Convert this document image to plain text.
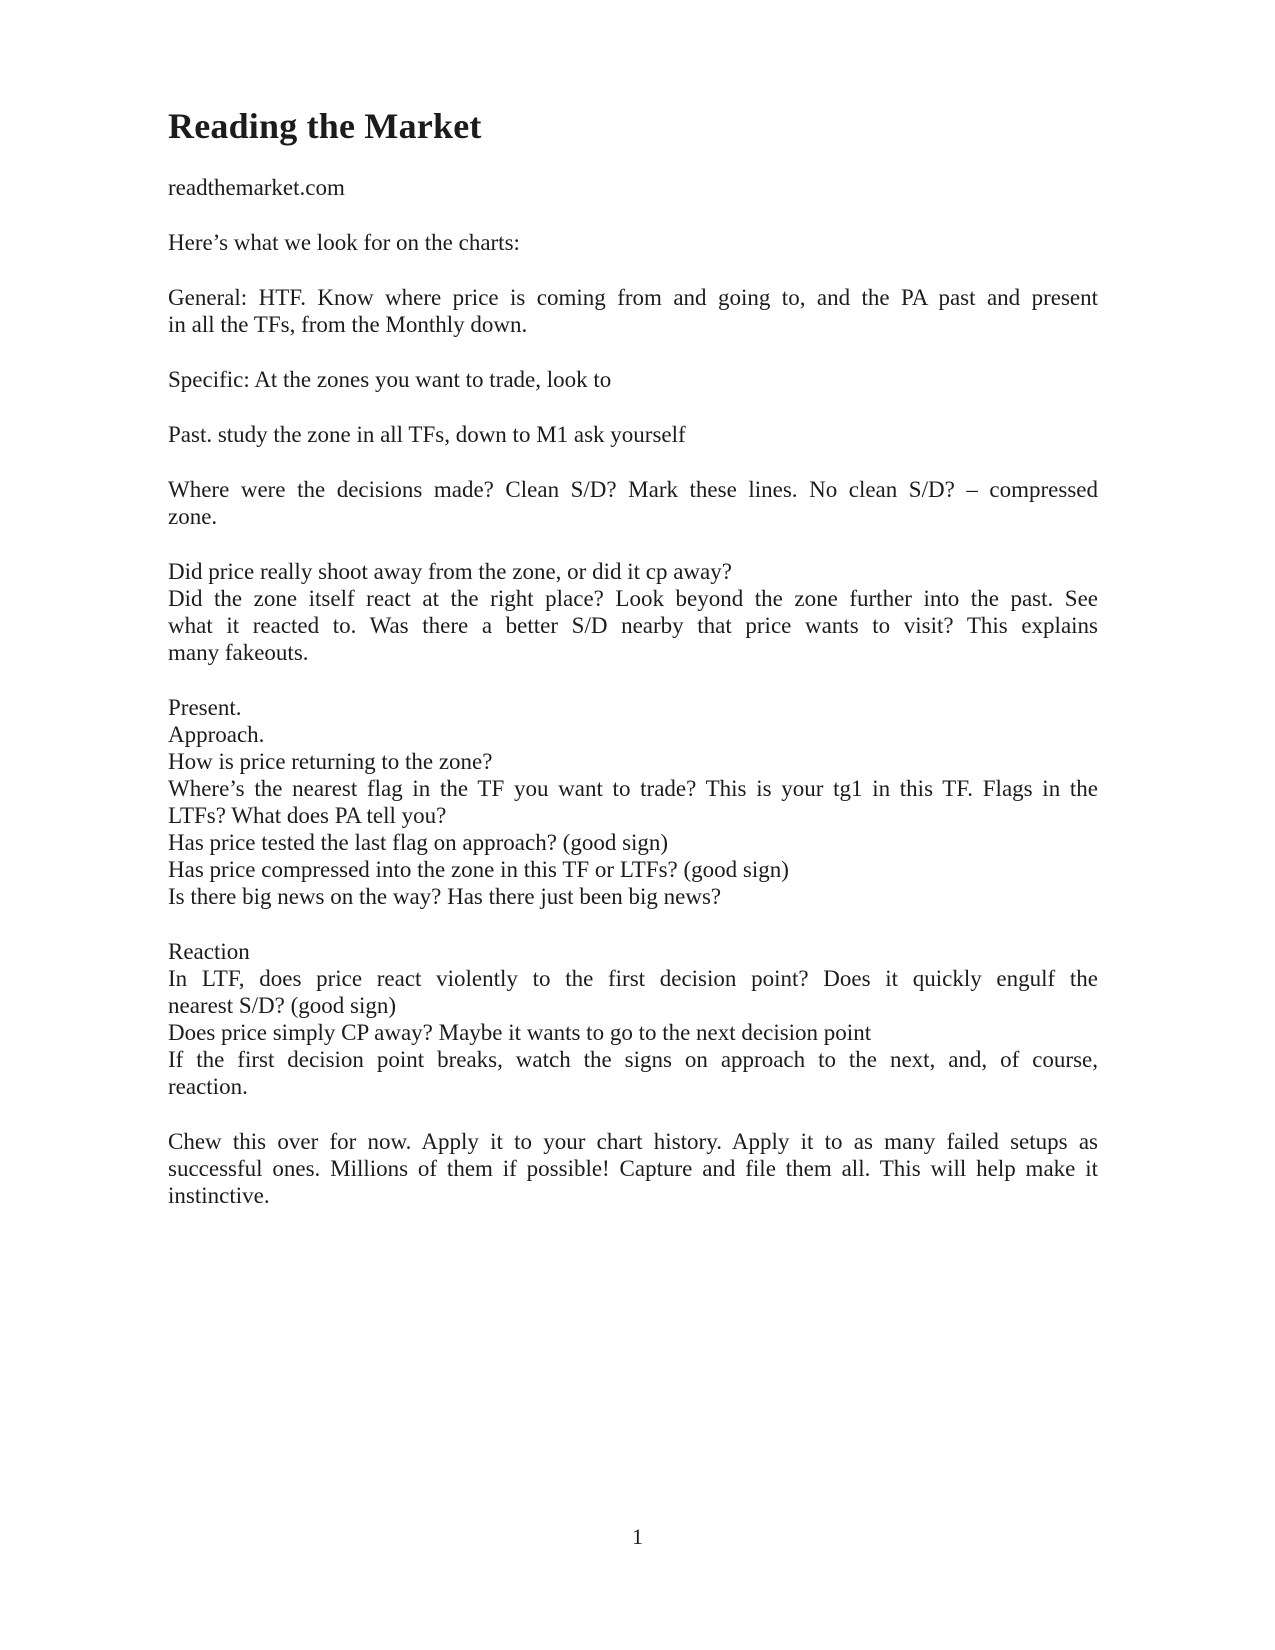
Reading the Market
readthemarket.com
Here’s what we look for on the charts:
General: HTF. Know where price is coming from and going to, and the PA past and present
in all the TFs, from the Monthly down.
Specific: At the zones you want to trade, look to
Past. study the zone in all TFs, down to M1 ask yourself
Where were the decisions made? Clean S/D? Mark these lines. No clean S/D? – compressed
zone.
Did price really shoot away from the zone, or did it cp away?
Did the zone itself react at the right place? Look beyond the zone further into the past. See
what it reacted to. Was there a better S/D nearby that price wants to visit? This explains
many fakeouts.
Present.
Approach.
How is price returning to the zone?
Where’s the nearest flag in the TF you want to trade? This is your tg1 in this TF. Flags in the
LTFs? What does PA tell you?
Has price tested the last flag on approach? (good sign)
Has price compressed into the zone in this TF or LTFs? (good sign)
Is there big news on the way? Has there just been big news?
Reaction
In LTF, does price react violently to the first decision point? Does it quickly engulf the
nearest S/D? (good sign)
Does price simply CP away? Maybe it wants to go to the next decision point
If the first decision point breaks, watch the signs on approach to the next, and, of course,
reaction.
Chew this over for now. Apply it to your chart history. Apply it to as many failed setups as
successful ones. Millions of them if possible! Capture and file them all. This will help make it
instinctive.
1
